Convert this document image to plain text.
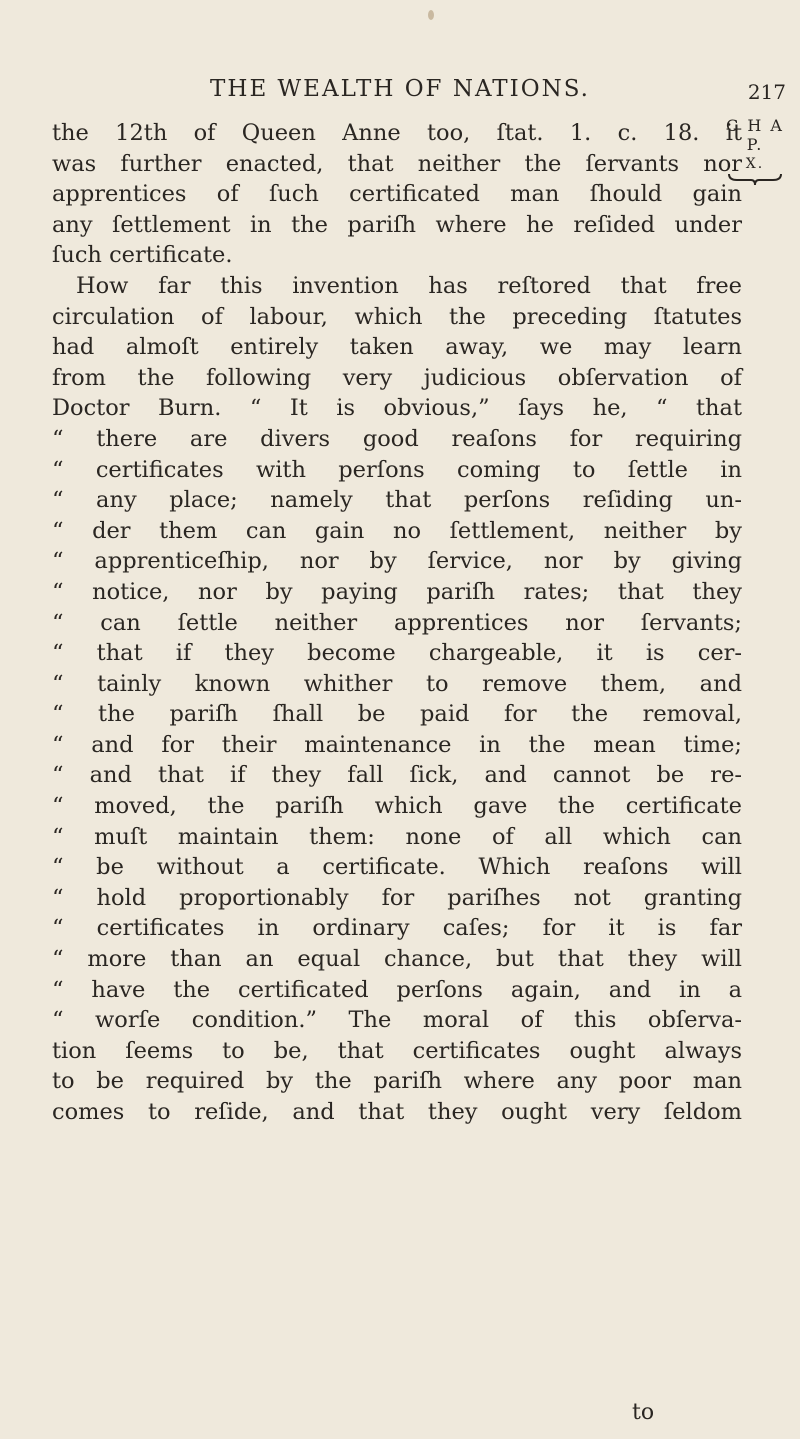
THE WEALTH OF NATIONS.	217
C H A P.
X.
the 12th of Queen Anne too, ſtat. 1. c. 18. it
was further enacted, that neither the ſervants nor
apprentices of ſuch certificated man ſhould gain
any ſettlement in the pariſh where he reſided under
ſuch certificate.
How far this invention has reſtored that free
circulation of labour, which the preceding ſtatutes
had almoſt entirely taken away, we may learn
from the following very judicious obſervation of
Doctor Burn. “ It is obvious,” ſays he, “ that
“ there are divers good reaſons for requiring
“ certificates with perſons coming to ſettle in
“ any place; namely that perſons reſiding un-
“ der them can gain no ſettlement, neither by
“ apprenticeſhip, nor by ſervice, nor by giving
“ notice, nor by paying pariſh rates; that they
“ can ſettle neither apprentices nor ſervants;
“ that if they become chargeable, it is cer-
“ tainly known whither to remove them, and
“ the pariſh ſhall be paid for the removal,
“ and for their maintenance in the mean time;
“ and that if they fall ſick, and cannot be re-
“ moved, the pariſh which gave the certificate
“ muſt maintain them: none of all which can
“ be without a certificate. Which reaſons will
“ hold proportionably for pariſhes not granting
“ certificates in ordinary caſes; for it is far
“ more than an equal chance, but that they will
“ have the certificated perſons again, and in a
“ worſe condition.” The moral of this obſerva-
tion ſeems to be, that certificates ought always
to be required by the pariſh where any poor man
comes to reſide, and that they ought very ſeldom
to
